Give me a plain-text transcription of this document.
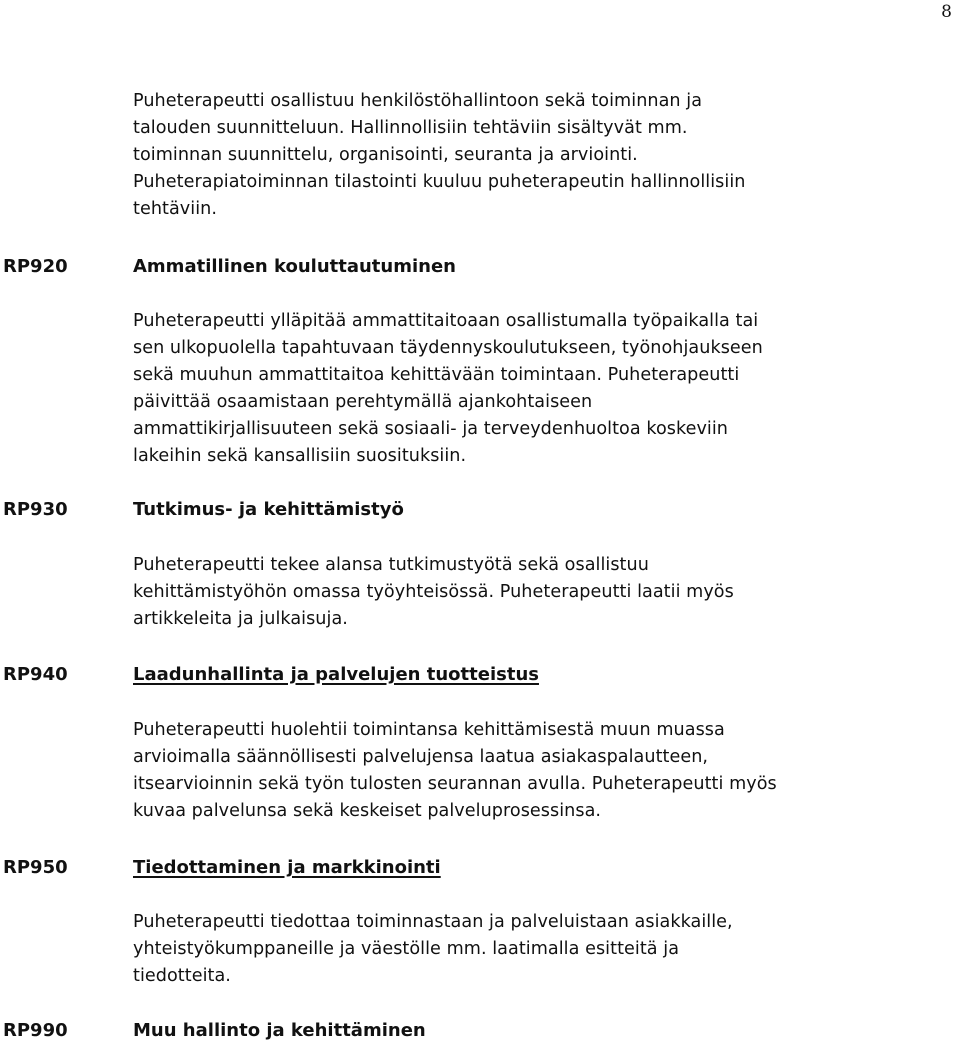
8
Puheterapeutti osallistuu henkilöstöhallintoon sekä toiminnan ja
talouden suunnitteluun. Hallinnollisiin tehtäviin sisältyvät mm.
toiminnan suunnittelu, organisointi, seuranta ja arviointi.
Puheterapiatoiminnan tilastointi kuuluu puheterapeutin hallinnollisiin
tehtäviin.
RP920	Ammatillinen kouluttautuminen
Puheterapeutti ylläpitää ammattitaitoaan osallistumalla työpaikalla tai
sen ulkopuolella tapahtuvaan täydennyskoulutukseen, työnohjaukseen
sekä muuhun ammattitaitoa kehittävään toimintaan. Puheterapeutti
päivittää osaamistaan perehtymällä ajankohtaiseen
ammattikirjallisuuteen sekä sosiaali- ja terveydenhuoltoa koskeviin
lakeihin sekä kansallisiin suosituksiin.
RP930	Tutkimus- ja kehittämistyö
Puheterapeutti tekee alansa tutkimustyötä sekä osallistuu
kehittämistyöhön omassa työyhteisössä. Puheterapeutti laatii myös
artikkeleita ja julkaisuja.
RP940	Laadunhallinta ja palvelujen tuotteistus
Puheterapeutti huolehtii toimintansa kehittämisestä muun muassa
arvioimalla säännöllisesti palvelujensa laatua asiakaspalautteen,
itsearvioinnin sekä työn tulosten seurannan avulla. Puheterapeutti myös
kuvaa palvelunsa sekä keskeiset palveluprosessinsa.
RP950	Tiedottaminen ja markkinointi
Puheterapeutti tiedottaa toiminnastaan ja palveluistaan asiakkaille,
yhteistyökumppaneille ja väestölle mm. laatimalla esitteitä ja
tiedotteita.
RP990	Muu hallinto ja kehittäminen
